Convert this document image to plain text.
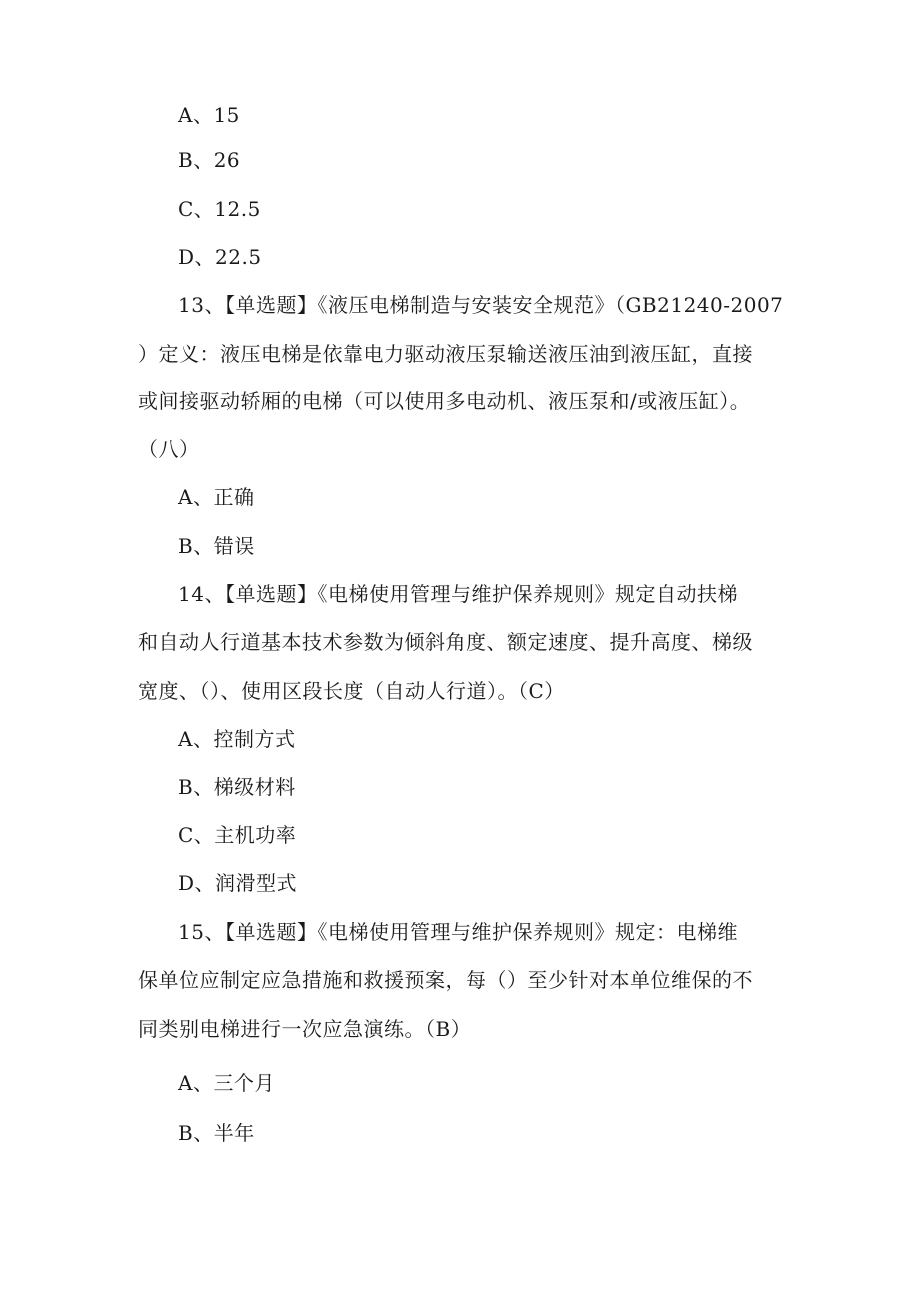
A、15
B、26
C、12.5
D、22.5
13、【单选题】《液压电梯制造与安装安全规范》（GB21240-2007
）定义：液压电梯是依靠电力驱动液压泵输送液压油到液压缸，直接
或间接驱动轿厢的电梯（可以使用多电动机、液压泵和/或液压缸）。
（八）
A、正确
B、错误
14、【单选题】《电梯使用管理与维护保养规则》规定自动扶梯
和自动人行道基本技术参数为倾斜角度、额定速度、提升高度、梯级
宽度、（）、使用区段长度（自动人行道）。（C）
A、控制方式
B、梯级材料
C、主机功率
D、润滑型式
15、【单选题】《电梯使用管理与维护保养规则》规定：电梯维
保单位应制定应急措施和救援预案，每（）至少针对本单位维保的不
同类别电梯进行一次应急演练。（B）
A、三个月
B、半年
